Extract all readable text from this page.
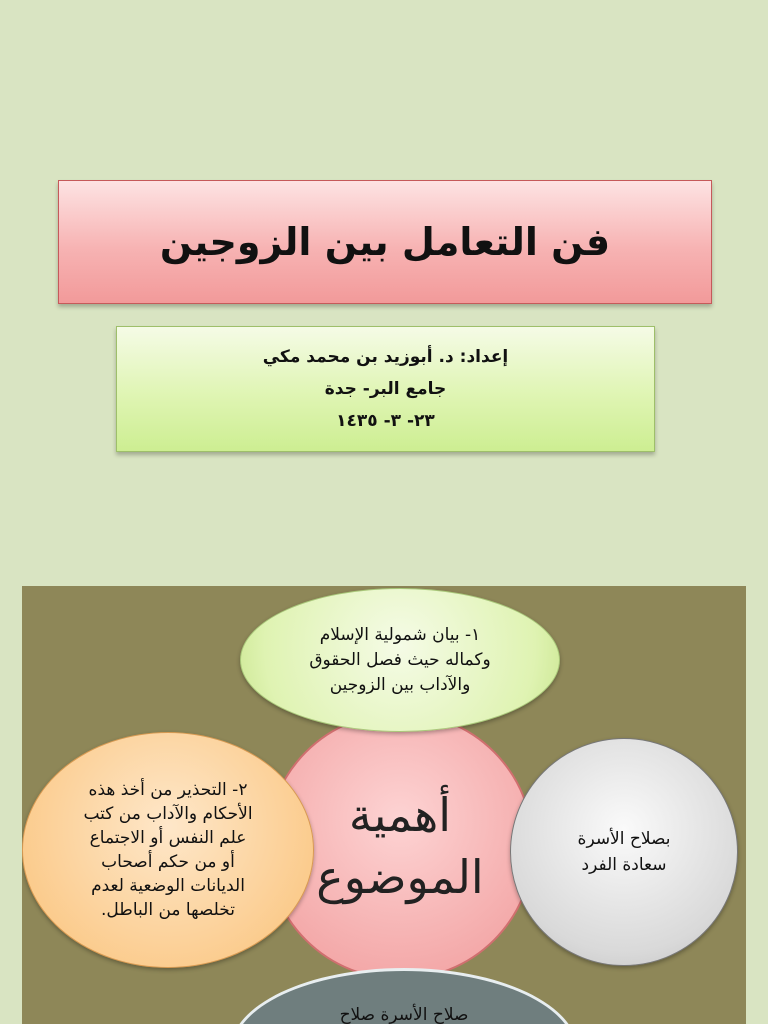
فن التعامل بين الزوجين
إعداد: د. أبوزيد بن محمد مكي
جامع البر- جدة
٢٣- ٣- ١٤٣٥
أهمية
الموضوع
١- بيان شمولية الإسلام
وكماله حيث فصل الحقوق
والآداب بين الزوجين
٢- التحذير من أخذ هذه
الأحكام والآداب من كتب
علم النفس أو الاجتماع
أو من حكم أصحاب
الديانات الوضعية لعدم
تخلصها من الباطل.
بصلاح الأسرة
سعادة الفرد
صلاح الأسرة صلاح
